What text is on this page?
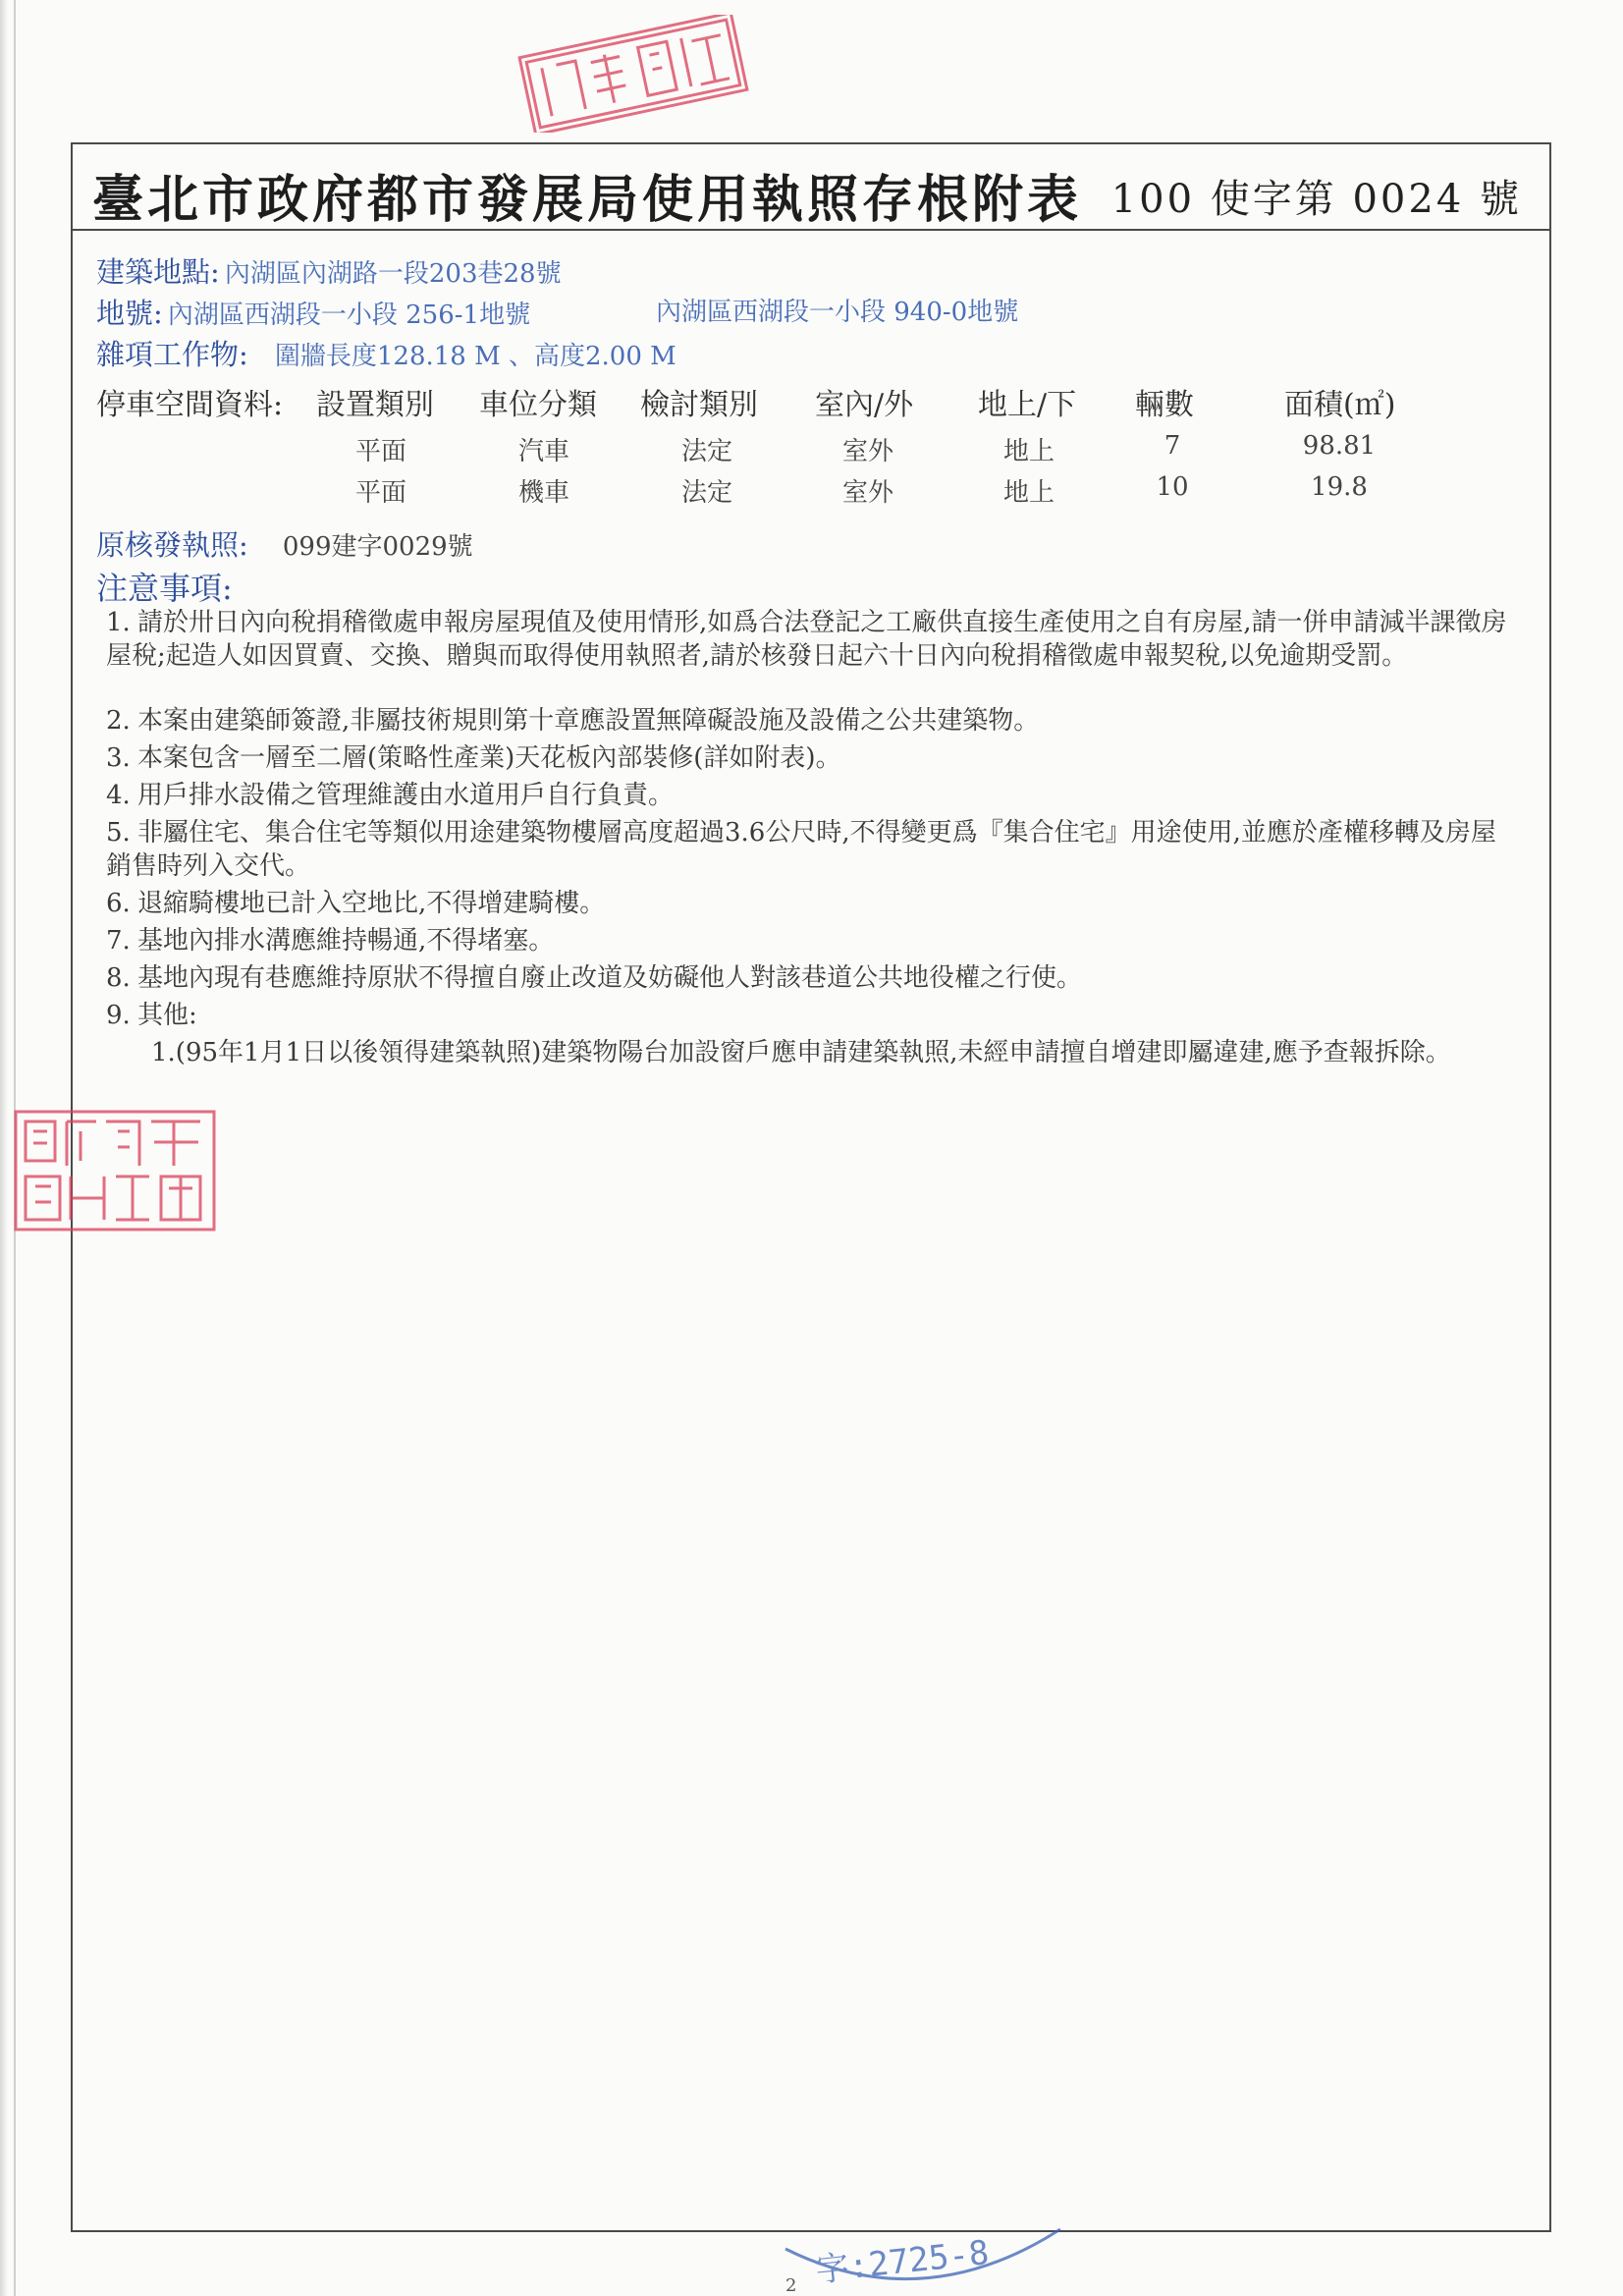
臺北市政府都市發展局使用執照存根附表 100 使字第 0024 號
建築地點: 內湖區內湖路一段203巷28號
地號: 內湖區西湖段一小段 256-1地號	內湖區西湖段一小段 940-0地號
雜項工作物: 圍牆長度128.18 M 、高度2.00 M
停車空間資料: 設置類別 車位分類 檢討類別 室內/外 地上/下 輛數	面積(㎡)
平面	汽車	法定	室外	地上	7	98.81
平面	機車	法定	室外	地上	10	19.8
原核發執照: 099建字0029號
注意事項:
1. 請於卅日內向稅捐稽徵處申報房屋現值及使用情形,如爲合法登記之工廠供直接生產使用之自有房屋,請一併申請減半課徵房屋稅;起造人如因買賣、交換、贈與而取得使用執照者,請於核發日起六十日內向稅捐稽徵處申報契稅,以免逾期受罰。
2. 本案由建築師簽證,非屬技術規則第十章應設置無障礙設施及設備之公共建築物。
3. 本案包含一層至二層(策略性產業)天花板內部裝修(詳如附表)。
4. 用戶排水設備之管理維護由水道用戶自行負責。
5. 非屬住宅、集合住宅等類似用途建築物樓層高度超過3.6公尺時,不得變更爲『集合住宅』用途使用,並應於產權移轉及房屋銷售時列入交代。
6. 退縮騎樓地已計入空地比,不得增建騎樓。
7. 基地內排水溝應維持暢通,不得堵塞。
8. 基地內現有巷應維持原狀不得擅自廢止改道及妨礙他人對該巷道公共地役權之行使。
9. 其他:
1.(95年1月1日以後領得建築執照)建築物陽台加設窗戶應申請建築執照,未經申請擅自增建即屬違建,應予查報拆除。
字:2725-8
2
